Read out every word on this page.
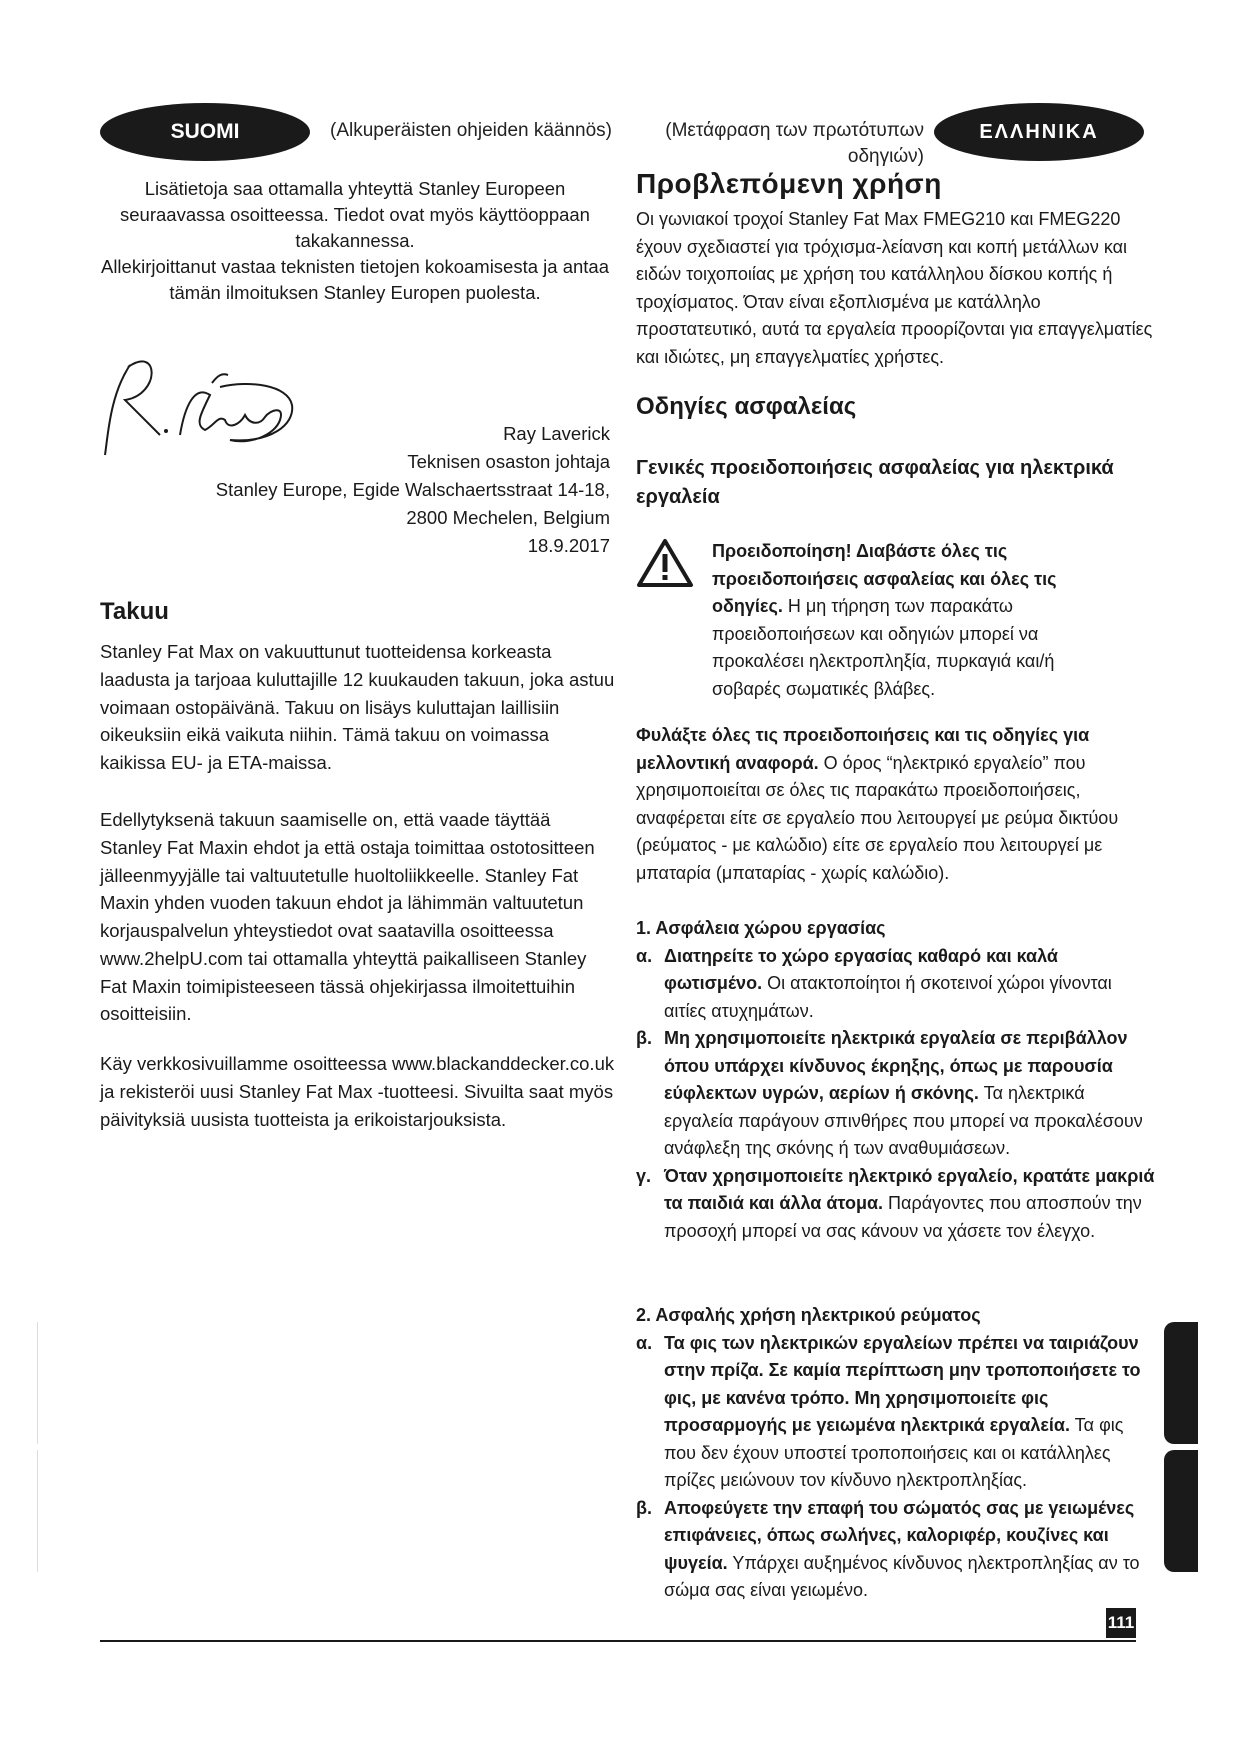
SUOMI	(Alkuperäisten ohjeiden käännös)	(Μετάφραση των πρωτότυπων οδηγιών)
ΕΛΛΗΝΙΚΑ
Lisätietoja saa ottamalla yhteyttä Stanley Europeen seuraavassa osoitteessa. Tiedot ovat myös käyttöoppaan takakannessa.
Allekirjoittanut vastaa teknisten tietojen kokoamisesta ja antaa tämän ilmoituksen Stanley Europen puolesta.
Ray Laverick
Teknisen osaston johtaja
Stanley Europe, Egide Walschaertsstraat 14-18,
2800 Mechelen, Belgium
18.9.2017
Takuu

Stanley Fat Max on vakuuttunut tuotteidensa korkeasta laadusta ja tarjoaa kuluttajille 12 kuukauden takuun, joka astuu voimaan ostopäivänä. Takuu on lisäys kuluttajan laillisiin oikeuksiin eikä vaikuta niihin. Tämä takuu on voimassa kaikissa EU- ja ETA-maissa.

Edellytyksenä takuun saamiselle on, että vaade täyttää Stanley Fat Maxin ehdot ja että ostaja toimittaa ostotositteen jälleenmyyjälle tai valtuutetulle huoltoliikkeelle. Stanley Fat Maxin yhden vuoden takuun ehdot ja lähimmän valtuutetun korjauspalvelun yhteystiedot ovat saatavilla osoitteessa www.2helpU.com tai ottamalla yhteyttä paikalliseen Stanley Fat Maxin toimipisteeseen tässä ohjekirjassa ilmoitettuihin osoitteisiin.

Käy verkkosivuillamme osoitteessa www.blackanddecker.co.uk ja rekisteröi uusi Stanley Fat Max -tuotteesi. Sivuilta saat myös päivityksiä uusista tuotteista ja erikoistarjouksista.

Προβλεπόμενη χρήση

Οι γωνιακοί τροχοί Stanley Fat Max FMEG210 και FMEG220 έχουν σχεδιαστεί για τρόχισμα-λείανση και κοπή μετάλλων και ειδών τοιχοποιίας με χρήση του κατάλληλου δίσκου κοπής ή τροχίσματος. Όταν είναι εξοπλισμένα με κατάλληλο προστατευτικό, αυτά τα εργαλεία προορίζονται για επαγγελματίες και ιδιώτες, μη επαγγελματίες χρήστες.

Οδηγίες ασφαλείας
Γενικές προειδοποιήσεις ασφαλείας για ηλεκτρικά εργαλεία

Προειδοποίηση! Διαβάστε όλες τις προειδοποιήσεις ασφαλείας και όλες τις οδηγίες. Η μη τήρηση των παρακάτω προειδοποιήσεων και οδηγιών μπορεί να προκαλέσει ηλεκτροπληξία, πυρκαγιά και/ή σοβαρές σωματικές βλάβες.

Φυλάξτε όλες τις προειδοποιήσεις και τις οδηγίες για μελλοντική αναφορά. Ο όρος “ηλεκτρικό εργαλείο” που χρησιμοποιείται σε όλες τις παρακάτω προειδοποιήσεις, αναφέρεται είτε σε εργαλείο που λειτουργεί με ρεύμα δικτύου (ρεύματος - με καλώδιο) είτε σε εργαλείο που λειτουργεί με μπαταρία (μπαταρίας - χωρίς καλώδιο).

1. Ασφάλεια χώρου εργασίας
α. Διατηρείτε το χώρο εργασίας καθαρό και καλά φωτισμένο. Οι ατακτοποίητοι ή σκοτεινοί χώροι γίνονται αιτίες ατυχημάτων.
β. Μη χρησιμοποιείτε ηλεκτρικά εργαλεία σε περιβάλλον όπου υπάρχει κίνδυνος έκρηξης, όπως με παρουσία εύφλεκτων υγρών, αερίων ή σκόνης. Τα ηλεκτρικά εργαλεία παράγουν σπινθήρες που μπορεί να προκαλέσουν ανάφλεξη της σκόνης ή των αναθυμιάσεων.
γ. Όταν χρησιμοποιείτε ηλεκτρικό εργαλείο, κρατάτε μακριά τα παιδιά και άλλα άτομα. Παράγοντες που αποσπούν την προσοχή μπορεί να σας κάνουν να χάσετε τον έλεγχο.
2. Ασφαλής χρήση ηλεκτρικού ρεύματος
α. Τα φις των ηλεκτρικών εργαλείων πρέπει να ταιριάζουν στην πρίζα. Σε καμία περίπτωση μην τροποποιήσετε το φις, με κανένα τρόπο. Μη χρησιμοποιείτε φις προσαρμογής με γειωμένα ηλεκτρικά εργαλεία. Τα φις που δεν έχουν υποστεί τροποποιήσεις και οι κατάλληλες πρίζες μειώνουν τον κίνδυνο ηλεκτροπληξίας.
β. Αποφεύγετε την επαφή του σώματός σας με γειωμένες επιφάνειες, όπως σωλήνες, καλοριφέρ, κουζίνες και ψυγεία. Υπάρχει αυξημένος κίνδυνος ηλεκτροπληξίας αν το σώμα σας είναι γειωμένο.
111
